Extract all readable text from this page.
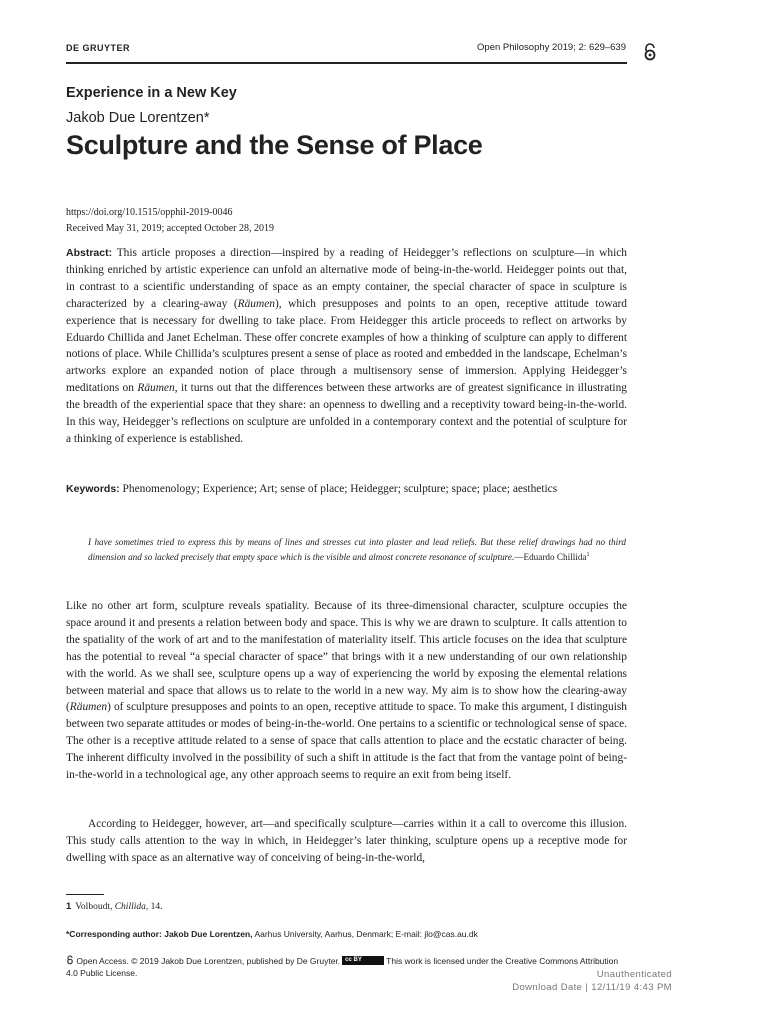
DE GRUYTER	Open Philosophy 2019; 2: 629–639
Experience in a New Key
Jakob Due Lorentzen*
Sculpture and the Sense of Place
https://doi.org/10.1515/opphil-2019-0046
Received May 31, 2019; accepted October 28, 2019

Abstract: This article proposes a direction—inspired by a reading of Heidegger’s reflections on sculpture—in which thinking enriched by artistic experience can unfold an alternative mode of being-in-the-world. Heidegger points out that, in contrast to a scientific understanding of space as an empty container, the special character of space in sculpture is characterized by a clearing-away (Räumen), which presupposes and points to an open, receptive attitude toward experience that is necessary for dwelling to take place. From Heidegger this article proceeds to reflect on artworks by Eduardo Chillida and Janet Echelman. These offer concrete examples of how a thinking of sculpture can apply to different notions of place. While Chillida’s sculptures present a sense of place as rooted and embedded in the landscape, Echelman’s artworks explore an expanded notion of place through a multisensory sense of immersion. Applying Heidegger’s meditations on Räumen, it turns out that the differences between these artworks are of greatest significance in illustrating the breadth of the experiential space that they share: an openness to dwelling and a receptivity toward being-in-the-world. In this way, Heidegger’s reflections on sculpture are unfolded in a contemporary context and the potential of sculpture for a thinking of experience is established.

Keywords: Phenomenology; Experience; Art; sense of place; Heidegger; sculpture; space; place; aesthetics

I have sometimes tried to express this by means of lines and stresses cut into plaster and lead reliefs. But these relief drawings had no third dimension and so lacked precisely that empty space which is the visible and almost concrete resonance of sculpture.—Eduardo Chillida$^1$

Like no other art form, sculpture reveals spatiality. Because of its three-dimensional character, sculpture occupies the space around it and presents a relation between body and space. This is why we are drawn to sculpture. It calls attention to the spatiality of the work of art and to the manifestation of materiality itself. This article focuses on the idea that sculpture has the potential to reveal “a special character of space” that brings with it a new understanding of our own relationship with the world. As we shall see, sculpture opens up a way of experiencing the world by exposing the elemental relations between material and space that allows us to relate to the world in a new way. My aim is to show how the clearing-away (Räumen) of sculpture presupposes and points to an open, receptive attitude to space. To make this argument, I distinguish between two separate attitudes or modes of being-in-the-world. One pertains to a scientific or technological sense of space. The other is a receptive attitude related to a sense of space that calls attention to place and the ecstatic character of being. The inherent difficulty involved in the possibility of such a shift in attitude is the fact that from the vantage point of being-in-the-world in a technological age, any other approach seems to require an exit from being itself.

According to Heidegger, however, art—and specifically sculpture—carries within it a call to overcome this illusion. This study calls attention to the way in which, in Heidegger’s later thinking, sculpture opens up a receptive mode for dwelling with space as an alternative way of conceiving of being-in-the-world,

1 Volboudt, Chillida, 14.
*Corresponding author: Jakob Due Lorentzen, Aarhus University, Aarhus, Denmark; E-mail: jlo@cas.au.dk
Open Access. © 2019 Jakob Due Lorentzen, published by De Gruyter. cc BY	This work is licensed under the Creative Commons Attribution 4.0 Public License.	Unauthenticated
Download Date | 12/11/19 4:43 PM
